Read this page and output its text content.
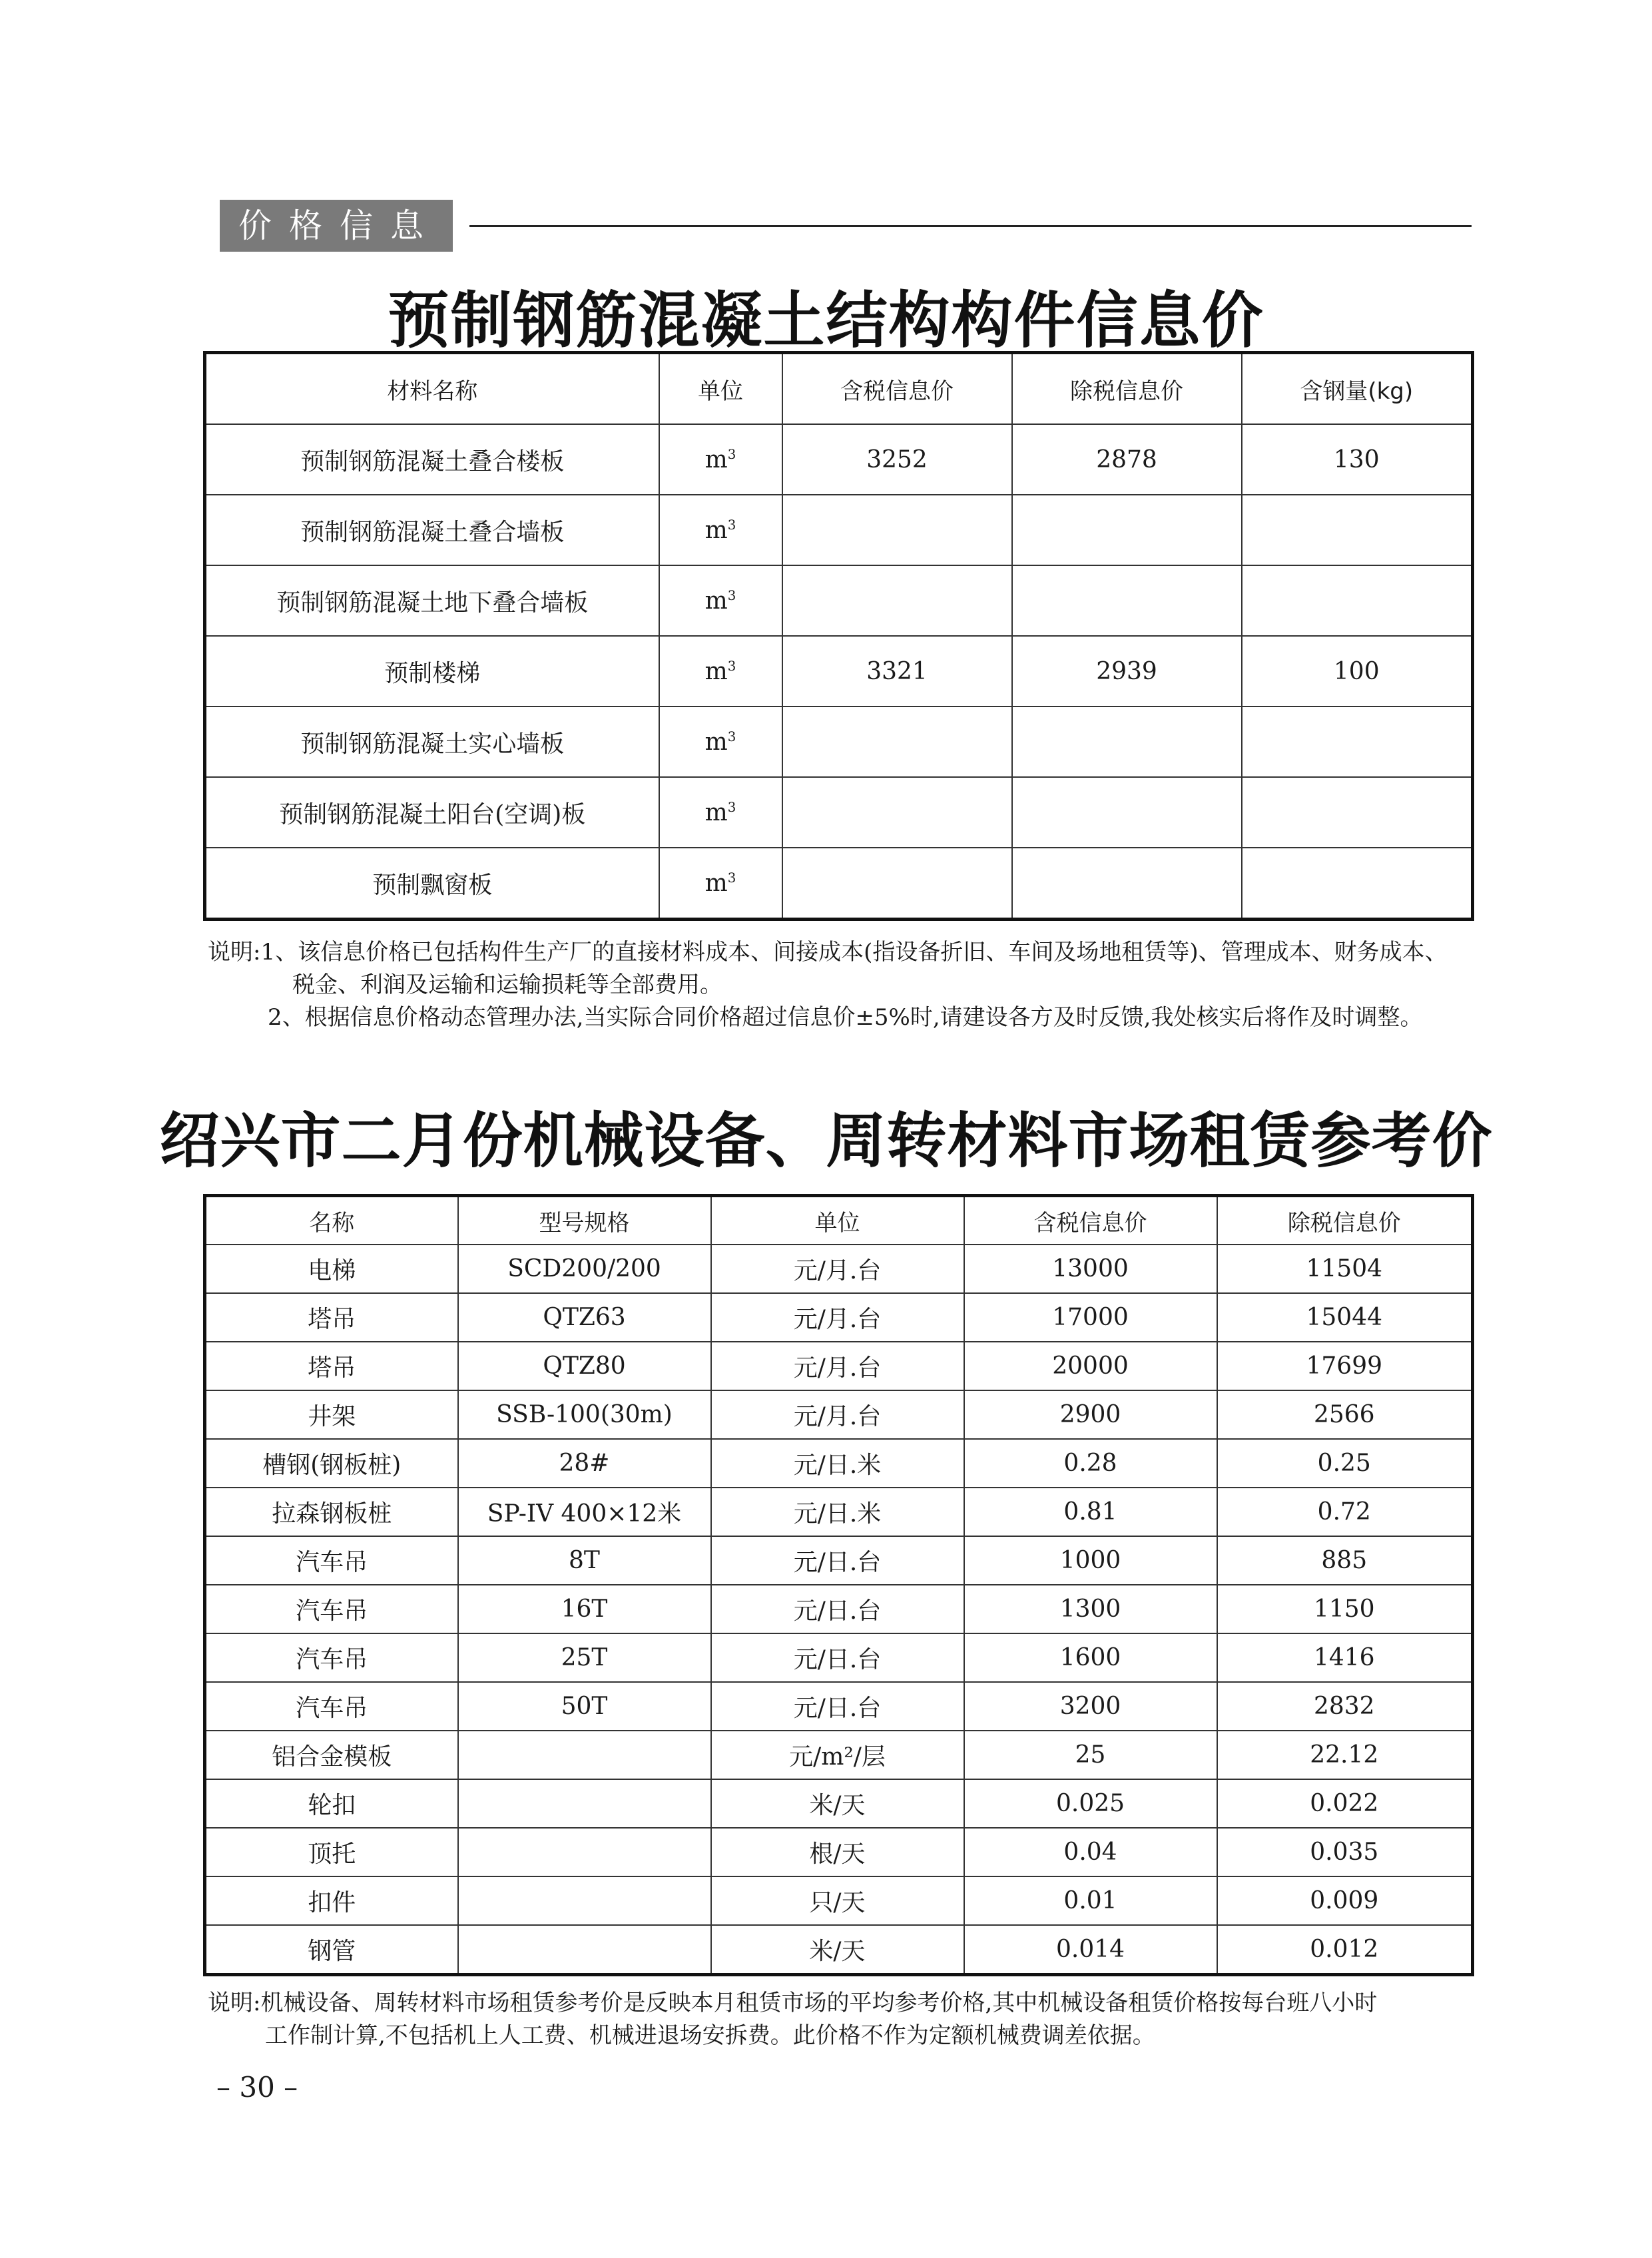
价格信息
预制钢筋混凝土结构构件信息价
材料名称	单位	含税信息价	除税信息价	含钢量(kg)
预制钢筋混凝土叠合楼板	$m^3$	3252	2878	130
预制钢筋混凝土叠合墙板	$m^3$			
预制钢筋混凝土地下叠合墙板	$m^3$			
预制楼梯	$m^3$	3321	2939	100
预制钢筋混凝土实心墙板	$m^3$			
预制钢筋混凝土阳台(空调)板	$m^3$			
预制飘窗板	$m^3$			
说明:1、该信息价格已包括构件生产厂的直接材料成本、间接成本(指设备折旧、车间及场地租赁等)、管理成本、财务成本、
税金、利润及运输和运输损耗等全部费用。
2、根据信息价格动态管理办法,当实际合同价格超过信息价±5%时,请建设各方及时反馈,我处核实后将作及时调整。
绍兴市二月份机械设备、周转材料市场租赁参考价
名称	型号规格	单位	含税信息价	除税信息价
电梯	SCD200/200	元/月.台	13000	11504
塔吊	QTZ63	元/月.台	17000	15044
塔吊	QTZ80	元/月.台	20000	17699
井架	SSB-100(30m)	元/月.台	2900	2566
槽钢(钢板桩)	28#	元/日.米	0.28	0.25
拉森钢板桩	SP-IV 400×12米	元/日.米	0.81	0.72
汽车吊	8T	元/日.台	1000	885
汽车吊	16T	元/日.台	1300	1150
汽车吊	25T	元/日.台	1600	1416
汽车吊	50T	元/日.台	3200	2832
铝合金模板		元/m²/层	25	22.12
轮扣		米/天	0.025	0.022
顶托		根/天	0.04	0.035
扣件		只/天	0.01	0.009
钢管		米/天	0.014	0.012
说明:机械设备、周转材料市场租赁参考价是反映本月租赁市场的平均参考价格,其中机械设备租赁价格按每台班八小时
工作制计算,不包括机上人工费、机械进退场安拆费。此价格不作为定额机械费调差依据。
– 30 –
